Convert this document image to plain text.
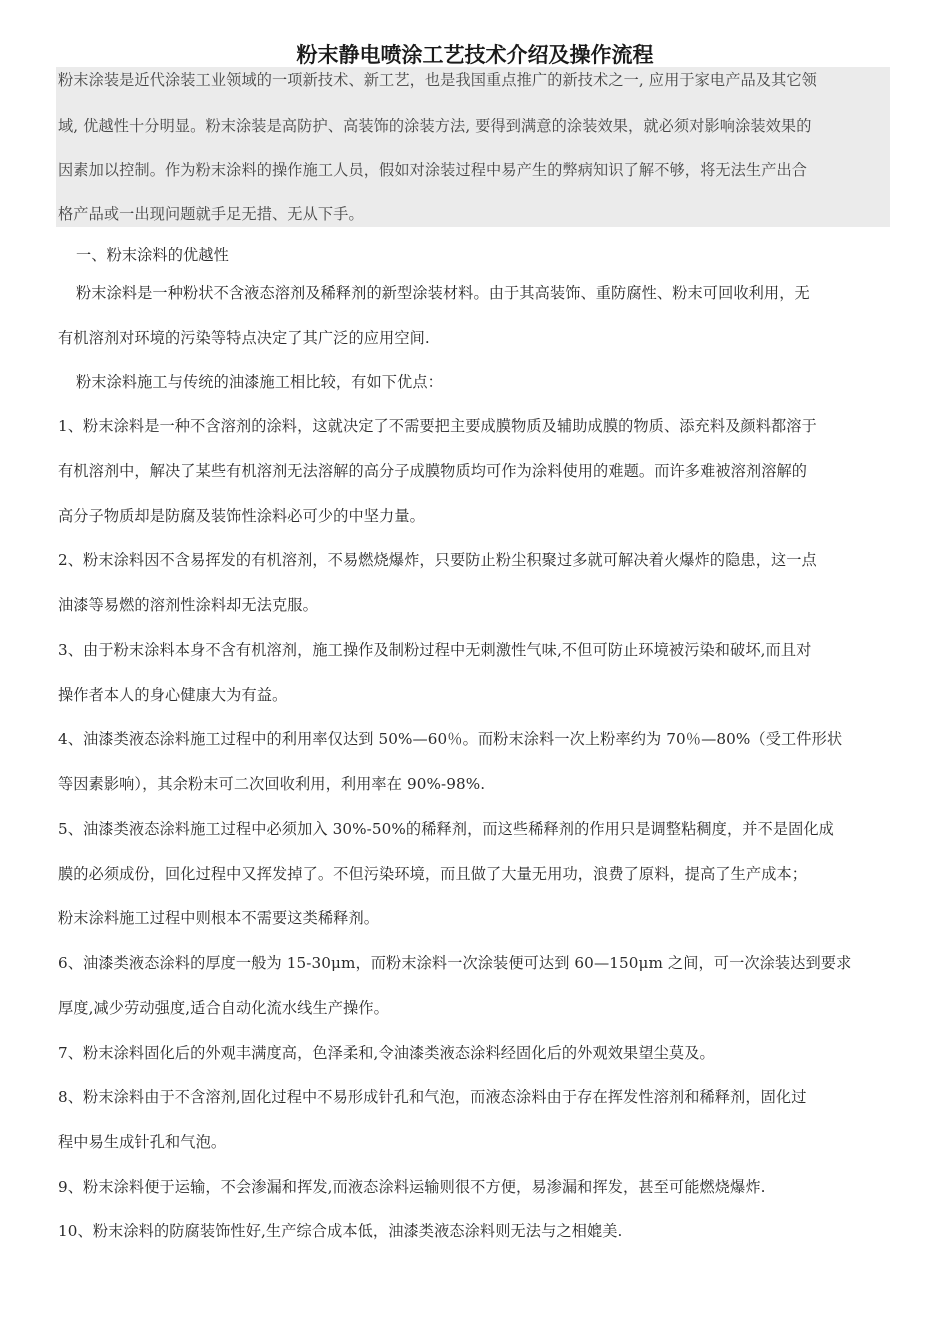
粉末静电喷涂工艺技术介绍及操作流程
粉末涂装是近代涂装工业领域的一项新技术、新工艺，也是我国重点推广的新技术之一, 应用于家电产品及其它领
域, 优越性十分明显。粉末涂装是高防护、高装饰的涂装方法, 要得到满意的涂装效果，就必须对影响涂装效果的
因素加以控制。作为粉末涂料的操作施工人员，假如对涂装过程中易产生的弊病知识了解不够，将无法生产出合
格产品或一出现问题就手足无措、无从下手。
一、粉末涂料的优越性
粉末涂料是一种粉状不含液态溶剂及稀释剂的新型涂装材料。由于其高装饰、重防腐性、粉末可回收利用，无
有机溶剂对环境的污染等特点决定了其广泛的应用空间.
粉末涂料施工与传统的油漆施工相比较，有如下优点：
1、粉末涂料是一种不含溶剂的涂料，这就决定了不需要把主要成膜物质及辅助成膜的物质、添充料及颜料都溶于
有机溶剂中，解决了某些有机溶剂无法溶解的高分子成膜物质均可作为涂料使用的难题。而许多难被溶剂溶解的
高分子物质却是防腐及装饰性涂料必可少的中坚力量。
2、粉末涂料因不含易挥发的有机溶剂，不易燃烧爆炸，只要防止粉尘积聚过多就可解决着火爆炸的隐患，这一点
油漆等易燃的溶剂性涂料却无法克服。
3、由于粉末涂料本身不含有机溶剂，施工操作及制粉过程中无刺激性气味,不但可防止环境被污染和破坏,而且对
操作者本人的身心健康大为有益。
4、油漆类液态涂料施工过程中的利用率仅达到 50%—60％。而粉末涂料一次上粉率约为 70％—80%（受工件形状
等因素影响），其余粉末可二次回收利用，利用率在 90%-98%.
5、油漆类液态涂料施工过程中必须加入 30%-50%的稀释剂，而这些稀释剂的作用只是调整粘稠度，并不是固化成
膜的必须成份，回化过程中又挥发掉了。不但污染环境，而且做了大量无用功，浪费了原料，提高了生产成本；
粉末涂料施工过程中则根本不需要这类稀释剂。
6、油漆类液态涂料的厚度一般为 15-30μm，而粉末涂料一次涂装便可达到 60—150μm 之间，可一次涂装达到要求
厚度,减少劳动强度,适合自动化流水线生产操作。
7、粉末涂料固化后的外观丰满度高，色泽柔和,令油漆类液态涂料经固化后的外观效果望尘莫及。
8、粉末涂料由于不含溶剂,固化过程中不易形成针孔和气泡，而液态涂料由于存在挥发性溶剂和稀释剂，固化过
程中易生成针孔和气泡。
9、粉末涂料便于运输，不会渗漏和挥发,而液态涂料运输则很不方便，易渗漏和挥发，甚至可能燃烧爆炸.
10、粉末涂料的防腐装饰性好,生产综合成本低，油漆类液态涂料则无法与之相媲美.
